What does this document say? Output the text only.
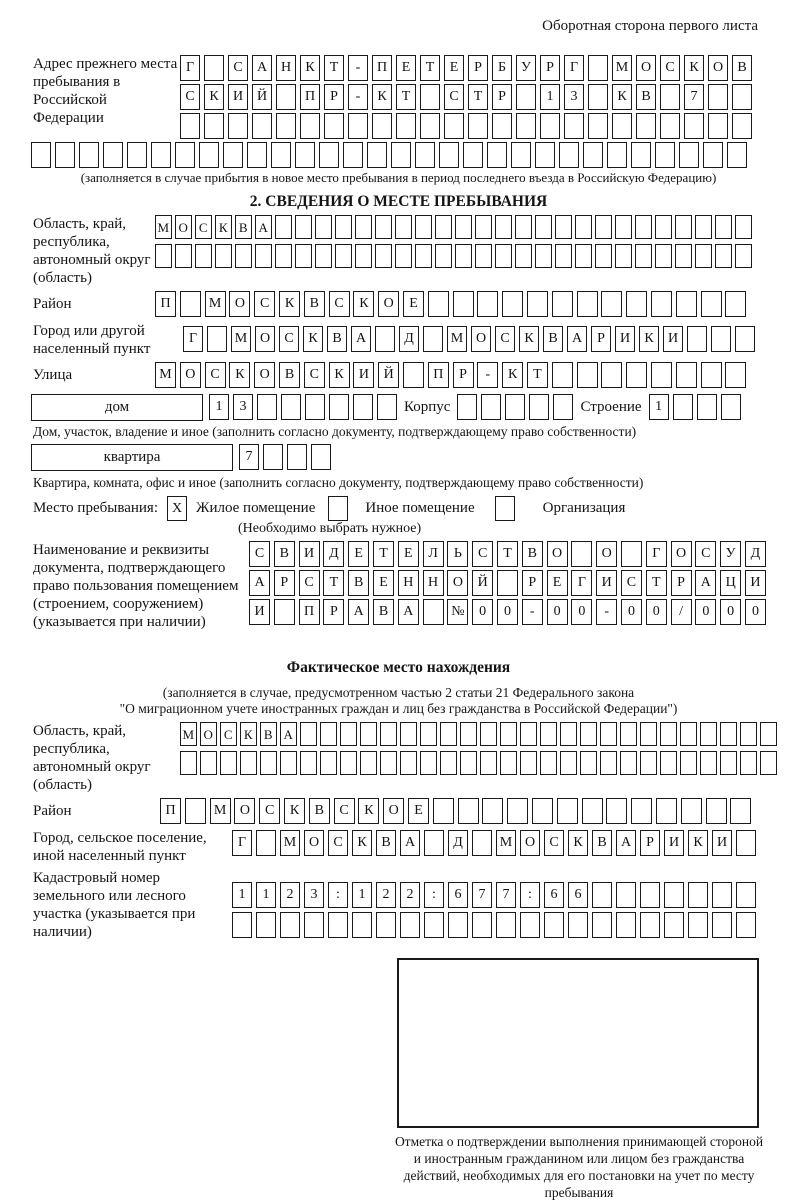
Оборотная сторона первого листа
Адрес прежнего места пребывания в Российской Федерации
Г	С	А Н	К	Т	-	П	Е	Т	Е	Р	Б	У	Р	Г	М О	С	К	О	В
С	К	И Й	П	Р	-	К	Т	С	Т	Р	1	3	К	В	7
(заполняется в случае прибытия в новое место пребывания в период последнего въезда в Российскую Федерацию)
2. СВЕДЕНИЯ О МЕСТЕ ПРЕБЫВАНИЯ
Область, край, республика, автономный округ (область)
М О С К В А
Район	П	М О	С	К	В	С	К	О	Е
Город или другой населенный пункт
Г	М О	С	К	В	А	Д	М О	С	К	В	А	Р	И	К	И
Улица	М О	С	К	О	В	С	К	И	Й	П	Р	-	К	Т
дом	1	3	Корпус	Строение 1
Дом, участок, владение и иное (заполнить согласно документу, подтверждающему право собственности)
квартира	7
Квартира, комната, офис и иное (заполнить согласно документу, подтверждающему право собственности)
Место пребывания: X Жилое помещение	Иное помещение	Организация
(Необходимо выбрать нужное)
Наименование и реквизиты документа, подтверждающего право пользования помещением (строением, сооружением) (указывается при наличии)
С	В	И	Д	Е	Т	Е	Л	Ь	С	Т	В	О	О	Г	О	С	У	Д
А	Р	С	Т	В	Е	Н	Н	О	Й	Р	Е	Г	И	С	Т	Р	А	Ц	И
И	П	Р	А	В	А	№	0	0	-	0	0	-	0	0	/	0	0	0
Фактическое место нахождения
(заполняется в случае, предусмотренном частью 2 статьи 21 Федерального закона
"О миграционном учете иностранных граждан и лиц без гражданства в Российской Федерации")
Область, край, республика, автономный округ (область)
М О С К В А
Район	П	М О	С	К	В	С	К	О	Е
Город, сельское поселение, иной населенный пункт
Г	М О	С	К	В	А	Д	М О	С	К	В	А	Р	И	К	И
Кадастровый номер земельного или лесного участка (указывается при наличии)
1	1	2	3	:	1	2	2	:	6	7	7	:	6	6
Отметка о подтверждении выполнения принимающей стороной и иностранным гражданином или лицом без гражданства действий, необходимых для его постановки на учет по месту пребывания
